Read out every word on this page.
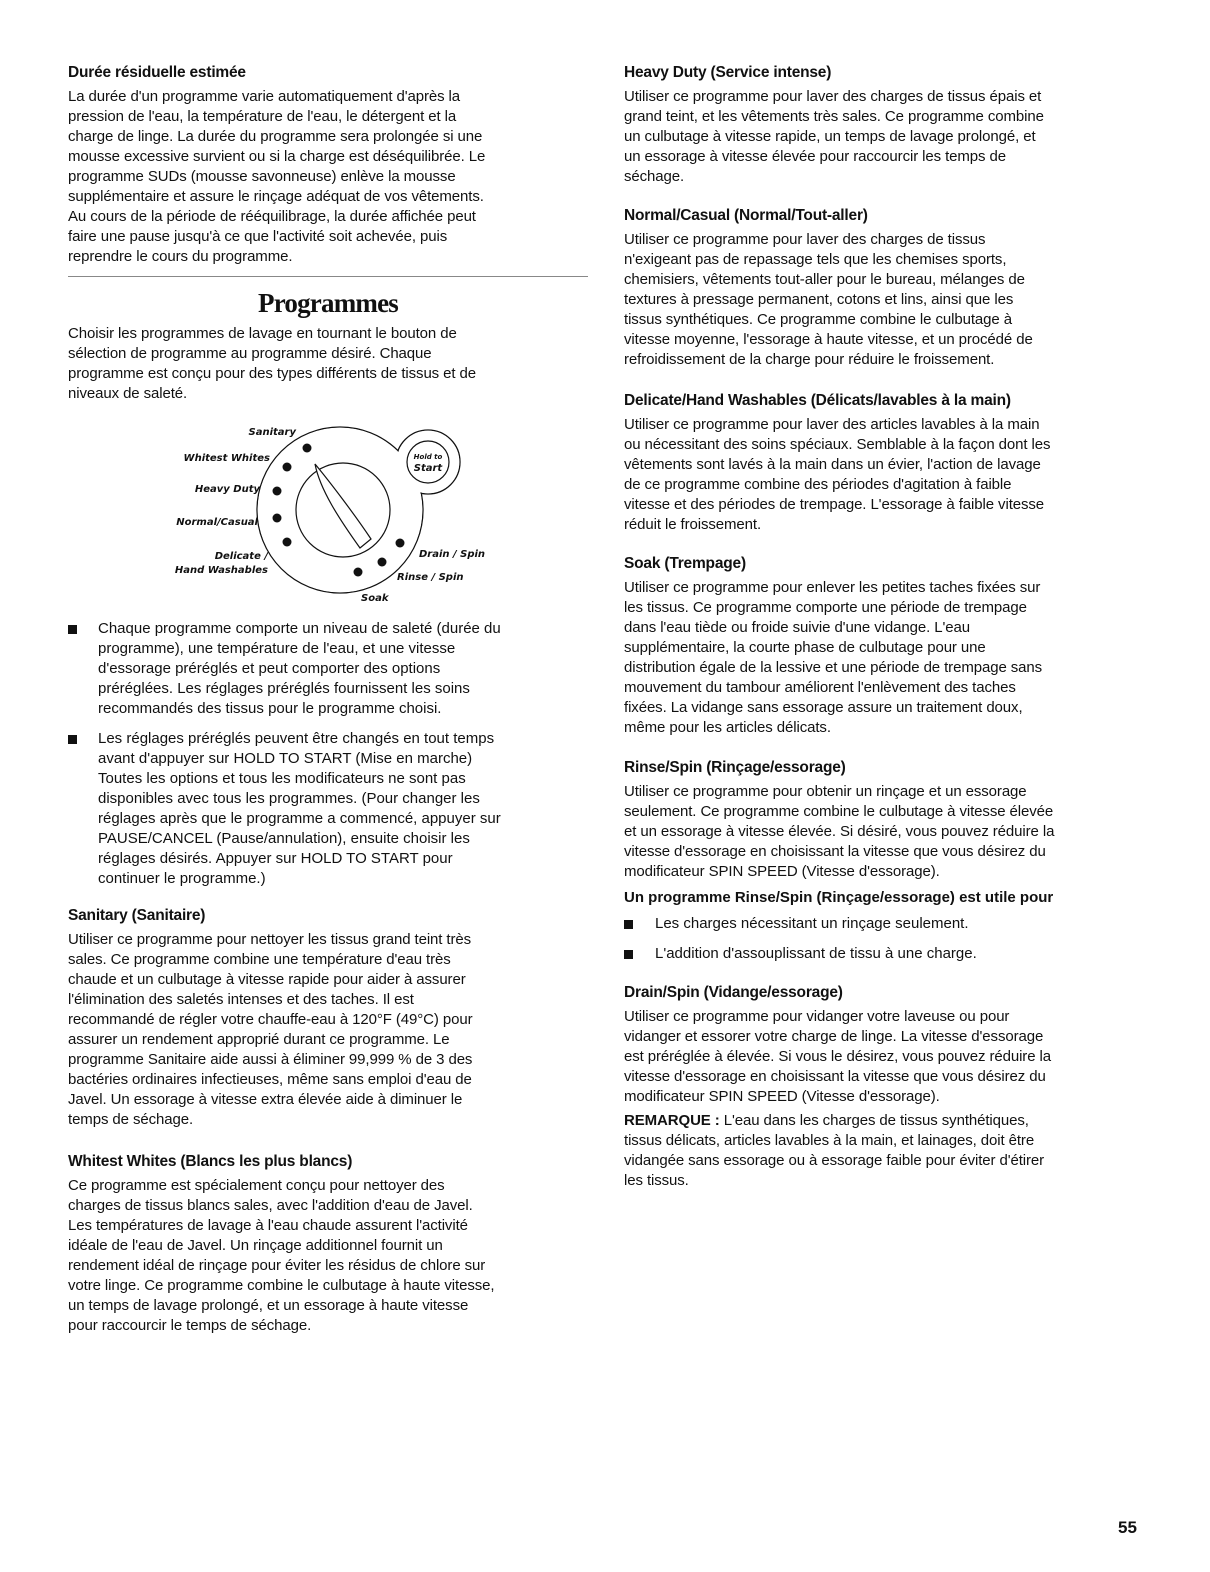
Durée résiduelle estimée

La durée d'un programme varie automatiquement d'après la
pression de l'eau, la température de l'eau, le détergent et la
charge de linge. La durée du programme sera prolongée si une
mousse excessive survient ou si la charge est déséquilibrée. Le
programme SUDs (mousse savonneuse) enlève la mousse
supplémentaire et assure le rinçage adéquat de vos vêtements.
Au cours de la période de rééquilibrage, la durée affichée peut
faire une pause jusqu'à ce que l'activité soit achevée, puis
reprendre le cours du programme.

Programmes

Choisir les programmes de lavage en tournant le bouton de
sélection de programme au programme désiré. Chaque
programme est conçu pour des types différents de tissus et de
niveaux de saleté.

Hold to
Start
Sanitary
Whitest Whites
Heavy Duty
Normal/Casual
Delicate /
Hand Washables
Soak
Rinse / Spin
Drain / Spin
Chaque programme comporte un niveau de saleté (durée du
programme), une température de l'eau, et une vitesse
d'essorage préréglés et peut comporter des options
préréglées. Les réglages préréglés fournissent les soins
recommandés des tissus pour le programme choisi.
Les réglages préréglés peuvent être changés en tout temps
avant d'appuyer sur HOLD TO START (Mise en marche)
Toutes les options et tous les modificateurs ne sont pas
disponibles avec tous les programmes. (Pour changer les
réglages après que le programme a commencé, appuyer sur
PAUSE/CANCEL (Pause/annulation), ensuite choisir les
réglages désirés. Appuyer sur HOLD TO START pour
continuer le programme.)
Sanitary (Sanitaire)

Utiliser ce programme pour nettoyer les tissus grand teint très
sales. Ce programme combine une température d'eau très
chaude et un culbutage à vitesse rapide pour aider à assurer
l'élimination des saletés intenses et des taches. Il est
recommandé de régler votre chauffe-eau à 120°F (49°C) pour
assurer un rendement approprié durant ce programme. Le
programme Sanitaire aide aussi à éliminer 99,999 % de 3 des
bactéries ordinaires infectieuses, même sans emploi d'eau de
Javel. Un essorage à vitesse extra élevée aide à diminuer le
temps de séchage.

Whitest Whites (Blancs les plus blancs)

Ce programme est spécialement conçu pour nettoyer des
charges de tissus blancs sales, avec l'addition d'eau de Javel.
Les températures de lavage à l'eau chaude assurent l'activité
idéale de l'eau de Javel. Un rinçage additionnel fournit un
rendement idéal de rinçage pour éviter les résidus de chlore sur
votre linge. Ce programme combine le culbutage à haute vitesse,
un temps de lavage prolongé, et un essorage à haute vitesse
pour raccourcir le temps de séchage.

Heavy Duty (Service intense)

Utiliser ce programme pour laver des charges de tissus épais et
grand teint, et les vêtements très sales. Ce programme combine
un culbutage à vitesse rapide, un temps de lavage prolongé, et
un essorage à vitesse élevée pour raccourcir les temps de
séchage.

Normal/Casual (Normal/Tout-aller)

Utiliser ce programme pour laver des charges de tissus
n'exigeant pas de repassage tels que les chemises sports,
chemisiers, vêtements tout-aller pour le bureau, mélanges de
textures à pressage permanent, cotons et lins, ainsi que les
tissus synthétiques. Ce programme combine le culbutage à
vitesse moyenne, l'essorage à haute vitesse, et un procédé de
refroidissement de la charge pour réduire le froissement.

Delicate/Hand Washables (Délicats/lavables à la main)

Utiliser ce programme pour laver des articles lavables à la main
ou nécessitant des soins spéciaux. Semblable à la façon dont les
vêtements sont lavés à la main dans un évier, l'action de lavage
de ce programme combine des périodes d'agitation à faible
vitesse et des périodes de trempage. L'essorage à faible vitesse
réduit le froissement.

Soak (Trempage)

Utiliser ce programme pour enlever les petites taches fixées sur
les tissus. Ce programme comporte une période de trempage
dans l'eau tiède ou froide suivie d'une vidange. L'eau
supplémentaire, la courte phase de culbutage pour une
distribution égale de la lessive et une période de trempage sans
mouvement du tambour améliorent l'enlèvement des taches
fixées. La vidange sans essorage assure un traitement doux,
même pour les articles délicats.

Rinse/Spin (Rinçage/essorage)

Utiliser ce programme pour obtenir un rinçage et un essorage
seulement. Ce programme combine le culbutage à vitesse élevée
et un essorage à vitesse élevée. Si désiré, vous pouvez réduire la
vitesse d'essorage en choisissant la vitesse que vous désirez du
modificateur SPIN SPEED (Vitesse d'essorage).

Un programme Rinse/Spin (Rinçage/essorage) est utile pour
Les charges nécessitant un rinçage seulement.
L'addition d'assouplissant de tissu à une charge.
Drain/Spin (Vidange/essorage)

Utiliser ce programme pour vidanger votre laveuse ou pour
vidanger et essorer votre charge de linge. La vitesse d'essorage
est préréglée à élevée. Si vous le désirez, vous pouvez réduire la
vitesse d'essorage en choisissant la vitesse que vous désirez du
modificateur SPIN SPEED (Vitesse d'essorage).

REMARQUE : L'eau dans les charges de tissus synthétiques,
tissus délicats, articles lavables à la main, et lainages, doit être
vidangée sans essorage ou à essorage faible pour éviter d'étirer
les tissus.

55
